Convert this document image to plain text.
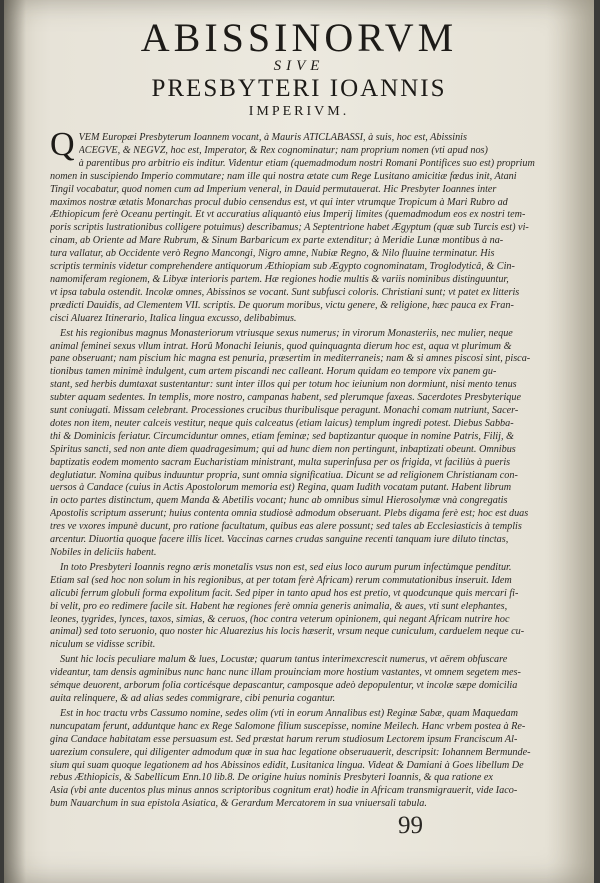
ABISSINORVM
SIVE
PRESBYTERI IOANNIS
IMPERIVM.
Q VEM Europæi Presbyterum Ioannem vocant, à Mauris ATICLABASSI, à suis, hoc est, Abissinis
ACEGVE, & NEGVZ, hoc est, Imperator, & Rex cognominatur; nam proprium nomen (vti apud nos)
à parentibus pro arbitrio eis inditur. Videntur etiam (quemadmodum nostri Romani Pontifices suo est) proprium
nomen in suscipiendo Imperio commutare; nam ille qui nostra ætate cum Rege Lusitano amicitiæ fœdus init, Atani
Tingil vocabatur, quod nomen cum ad Imperium veneral, in Dauid permutauerat. Hic Presbyter Ioannes inter
maximos nostræ ætatis Monarchas procul dubio censendus est, vt qui inter vtrumque Tropicum à Mari Rubro ad
Æthiopicum ferè Oceanu pertingit. Et vt accuratius aliquantò eius Imperij limites (quemadmodum eos ex nostri tem-
poris scriptis lustrationibus colligere potuimus) describamus; A Septentrione habet Ægyptum (quæ sub Turcis est) vi-
cinam, ab Oriente ad Mare Rubrum, & Sinum Barbaricum ex parte extenditur; à Meridie Lunæ montibus à na-
tura vallatur, ab Occidente verò Regno Mancongi, Nigro amne, Nubiæ Regno, & Nilo fluuine terminatur. His
scriptis terminis videtur comprehendere antiquorum Æthiopiam sub Ægypto cognominatam, Troglodyticâ, & Cin-
namomiferam regionem, & Libyæ interioris partem. Hæ regiones hodie multis & variis nominibus distinguuntur,
vt ipsa tabula ostendit. Incolæ omnes, Abissinos se vocant. Sunt subfusci coloris. Christiani sunt; vt patet ex litteris
prædicti Dauidis, ad Clementem VII. scriptis. De quorum moribus, victu genere, & religione, hæc pauca ex Fran-
cisci Aluarez Itinerario, Italica lingua excusso, delibabimus.
Est his regionibus magnus Monasteriorum vtriusque sexus numerus; in virorum Monasteriis, nec mulier, neque
animal feminei sexus vllum intrat. Horû Monachi Ieiunis, quod quinquagnta dierum hoc est, aqua vt plurimum &
pane obseruant; nam piscium hic magna est penuria, præsertim in mediterraneis; nam & si amnes piscosi sint, pisca-
tionibus tamen minimè indulgent, cum artem piscandi nec calleant. Horum quidam eo tempore vix panem gu-
stant, sed herbis dumtaxat sustentantur: sunt inter illos qui per totum hoc ieiunium non dormiunt, nisi mento tenus
subter aquam sedentes. In templis, more nostro, campanas habent, sed plerumque faxeas. Sacerdotes Presbyterique
sunt coniugati. Missam celebrant. Processiones crucibus thuribulisque peragunt. Monachi comam nutriunt, Sacer-
dotes non item, neuter calceis vestitur, neque quis calceatus (etiam laicus) templum ingredi potest. Diebus Sabba-
thi & Dominicis feriatur. Circumciduntur omnes, etiam feminæ; sed baptizantur quoque in nomine Patris, Filij, &
Spiritus sancti, sed non ante diem quadragesimum; qui ad hunc diem non pertingunt, inbaptizati obeunt. Omnibus
baptizatis eodem momento sacram Eucharistiam ministrant, multa superinfusa per os frigida, vt faciliùs à pueris
deglutiatur. Nomina quibus induuntur propria, sunt omnia significatiua. Dicunt se ad religionem Christianam con-
uersos à Candace (cuius in Actis Apostolorum memoria est) Regina, quam Iudith vocatam putant. Habent librum
in octo partes distinctum, quem Manda & Abetilis vocant; hunc ab omnibus simul Hierosolymæ vnà congregatis
Apostolis scriptum asserunt; huius contenta omnia studiosè admodum obseruant. Plebs digama ferè est; hoc est duas
tres ve vxores impunè ducunt, pro ratione facultatum, quibus eas alere possunt; sed tales ab Ecclesiasticis à templis
arcentur. Diuortia quoque facere illis licet. Vaccinas carnes crudas sanguine recenti tanquam iure diluto tinctas,
Nobiles in deliciis habent.
In toto Presbyteri Ioannis regno æris monetalis vsus non est, sed eius loco aurum purum infectùmque penditur.
Etiam sal (sed hoc non solum in his regionibus, at per totam ferè Africam) rerum commutationibus inseruit. Idem
alicubi ferrum globuli forma expolitum facit. Sed piper in tanto apud hos est pretio, vt quodcunque quis mercari fi-
bi velit, pro eo redimere facile sit. Habent hæ regiones ferè omnia generis animalia, & aues, vti sunt elephantes,
leones, tygrides, lynces, taxos, simias, & ceruos, (hoc contra veterum opinionem, qui negant Africam nutrire hoc
animal) sed toto seruonio, quo noster hic Aluarezius his locis hæserit, vrsum neque cuniculum, carduelem neque cu-
niculum se vidisse scribit.
Sunt hic locis peculiare malum & lues, Locustæ; quarum tantus interimexcrescit numerus, vt aërem obfuscare
videantur, tam densis agminibus nunc hanc nunc illam prouinciam more hostium vastantes, vt omnem segetem mes-
sémque deuorent, arborum folia corticésque depascantur, camposque adeò depopulentur, vt incolæ sæpe domicilia
auita relinquere, & ad alias sedes commigrare, cibi penuria cogantur.
Est in hoc tractu vrbs Cassumo nomine, sedes olim (vti in eorum Annalibus est) Reginæ Sabæ, quam Maquedam
nuncupatam ferunt, adduntque hanc ex Rege Salomone filium suscepisse, nomine Meilech. Hanc vrbem postea à Re-
gina Candace habitatam esse persuasum est. Sed præstat harum rerum studiosum Lectorem ipsum Franciscum Al-
uarezium consulere, qui diligenter admodum quæ in sua hac legatione obseruauerit, descripsit: Iohannem Bermunde-
sium qui suam quoque legationem ad hos Abissinos edidit, Lusitanica lingua. Videat & Damiani à Goes libellum De
rebus Æthiopicis, & Sabellicum Enn.10 lib.8. De origine huius nominis Presbyteri Ioannis, & qua ratione ex
Asia (vbi ante ducentos plus minus annos scriptoribus cognitum erat) hodie in Africam transmigrauerit, vide Iaco-
bum Nauarchum in sua epistola Asiatica, & Gerardum Mercatorem in sua vniuersali tabula.
99
